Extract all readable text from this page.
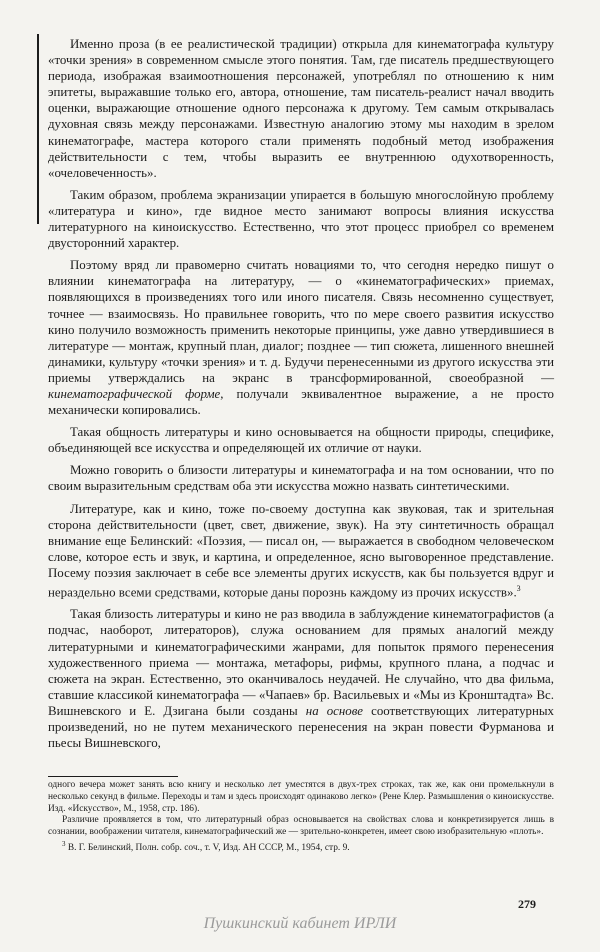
Именно проза (в ее реалистической традиции) открыла для кинематографа культуру «точки зрения» в современном смысле этого понятия. Там, где писатель предшествующего периода, изображая взаимоотношения персонажей, употреблял по отношению к ним эпитеты, выражавшие только его, автора, отношение, там писатель-реалист начал вводить оценки, выражающие отношение одного персонажа к другому. Тем самым открывалась духовная связь между персонажами. Известную аналогию этому мы находим в зрелом кинематографе, мастера которого стали применять подобный метод изображения действительности с тем, чтобы выразить ее внутреннюю одухотворенность, «очеловеченность».

Таким образом, проблема экранизации упирается в большую многослойную проблему «литература и кино», где видное место занимают вопросы влияния искусства литературного на киноискусство. Естественно, что этот процесс приобрел со временем двусторонний характер.

Поэтому вряд ли правомерно считать новациями то, что сегодня нередко пишут о влиянии кинематографа на литературу, — о «кинематографических» приемах, появляющихся в произведениях того или иного писателя. Связь несомненно существует, точнее — взаимосвязь. Но правильнее говорить, что по мере своего развития искусство кино получило возможность применить некоторые принципы, уже давно утвердившиеся в литературе — монтаж, крупный план, диалог; позднее — тип сюжета, лишенного внешней динамики, культуру «точки зрения» и т. д. Будучи перенесенными из другого искусства эти приемы утверждались на экранс в трансформированной, своеобразной — кинематографической форме, получали эквивалентное выражение, а не просто механически копировались.

Такая общность литературы и кино основывается на общности природы, специфике, объединяющей все искусства и определяющей их отличие от науки.

Можно говорить о близости литературы и кинематографа и на том основании, что по своим выразительным средствам оба эти искусства можно назвать синтетическими.

Литературе, как и кино, тоже по-своему доступна как звуковая, так и зрительная сторона действительности (цвет, свет, движение, звук). На эту синтетичность обращал внимание еще Белинский: «Поэзия, — писал он, — выражается в свободном человеческом слове, которое есть и звук, и картина, и определенное, ясно выговоренное представление. Посему поэзия заключает в себе все элементы других искусств, как бы пользуется вдруг и нераздельно всеми средствами, которые даны порознь каждому из прочих искусств».$^3$

Такая близость литературы и кино не раз вводила в заблуждение кинематографистов (а подчас, наоборот, литераторов), служа основанием для прямых аналогий между литературными и кинематографическими жанрами, для попыток прямого перенесения художественного приема — монтажа, метафоры, рифмы, крупного плана, а подчас и сюжета на экран. Естественно, это оканчивалось неудачей. Не случайно, что два фильма, ставшие классикой кинематографа — «Чапаев» бр. Васильевых и «Мы из Кронштадта» Вс. Вишневского и Е. Дзигана были созданы на основе соответствующих литературных произведений, но не путем механического перенесения на экран повести Фурманова и пьесы Вишневского,

одного вечера может занять всю книгу и несколько лет уместятся в двух-трех строках, так же, как они промелькнули в несколько секунд в фильме. Переходы и там и здесь происходят одинаково легко» (Рене Клер. Размышления о киноискусстве. Изд. «Искусство», М., 1958, стр. 186).

Различие проявляется в том, что литературный образ основывается на свойствах слова и конкретизируется лишь в сознании, воображении читателя, кинематографический же — зрительно-конкретен, имеет свою изобразительную «плоть».

$^3$ В. Г. Белинский, Полн. собр. соч., т. V, Изд. АН СССР, М., 1954, стр. 9.

279
Пушкинский кабинет ИРЛИ
